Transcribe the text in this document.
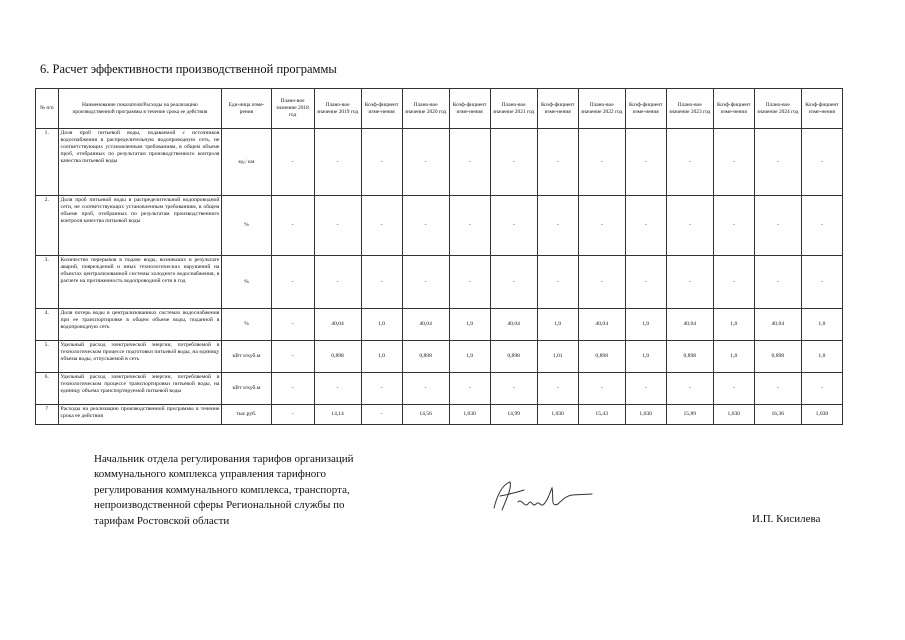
6. Расчет эффективности производственной программы
№ п/п	Наименование показателя/Расходы на реализацию производственной программы в течение срока ее действия	Еди-ница изме-рения	Плано-вое значение 2018 год	Плано-вое значение 2019 год	Коэф-фициент изме-нения	Плано-вое значение 2020 год	Коэф-фициент изме-нения	Плано-вое значение 2021 год	Коэф-фициент изме-нения	Плано-вое значение 2022 год	Коэф-фициент изме-нения	Плано-вое значение 2023 год	Коэф-фициент изме-нения	Плано-вое значение 2024 год	Коэф-фициент изме-нения
1.	Доля проб питьевой воды, подаваемой с источников водоснабжения в распределительную водопроводную сеть, не соответствующих установленным требованиям, в общем объеме проб, отобранных по результатам производственного контроля качества питьевой воды	ед./ км	-	-	-	-	-	-	-	-	-	-	-	-	-
2.	Доля проб питьевой воды в распределительной водопроводной сети, не соответствующих установленным требованиям, в общем объеме проб, отобранных по результатам производственного контроля качества питьевой воды	%	-	-	-	-	-	-	-	-	-	-	-	-	-
3.	Количество перерывов в подаче воды, возникших в результате аварий, повреждений и иных технологических нарушений на объектах централизованной системы холодного водоснабжения, в расчете на протяженность водопроводной сети в год	%	-	-	-	-	-	-	-	-	-	-	-	-	-
4.	Доля потерь воды в централизованных системах водоснабжения при ее транспортировке в общем объеме воды, поданной в водопроводную сеть	%	-	40,04	1,0	40,04	1,0	40,04	1,0	40,04	1,0	40,04	1,0	40,04	1,0
5.	Удельный расход электрической энергии, потребляемой в технологическом процессе подготовки питьевой воды, на единицу объема воды, отпускаемой в сеть	кВт ч/куб.м	-	0,898	1,0	0,898	1,0	0,898	1,01	0,898	1,0	0,898	1,0	0,898	1,0
6.	Удельный расход электрической энергии, потребляемой в технологическом процессе транспортировки питьевой воды, на единицу объема транспортируемой питьевой воды	кВт ч/куб.м	-	-	-	-	-	-	-	-	-	-	-	-	-
7	Расходы на реализацию производственной программы в течение срока ее действия	тыс.руб.	-	14,14	-	14,56	1,030	14,99	1,030	15,43	1,030	15,89	1,030	16,36	1,030
Начальник отдела регулирования тарифов организаций
коммунального комплекса управления тарифного
регулирования коммунального комплекса, транспорта,
непроизводственной сферы Региональной службы по
тарифам Ростовской области	И.П. Кисилева
